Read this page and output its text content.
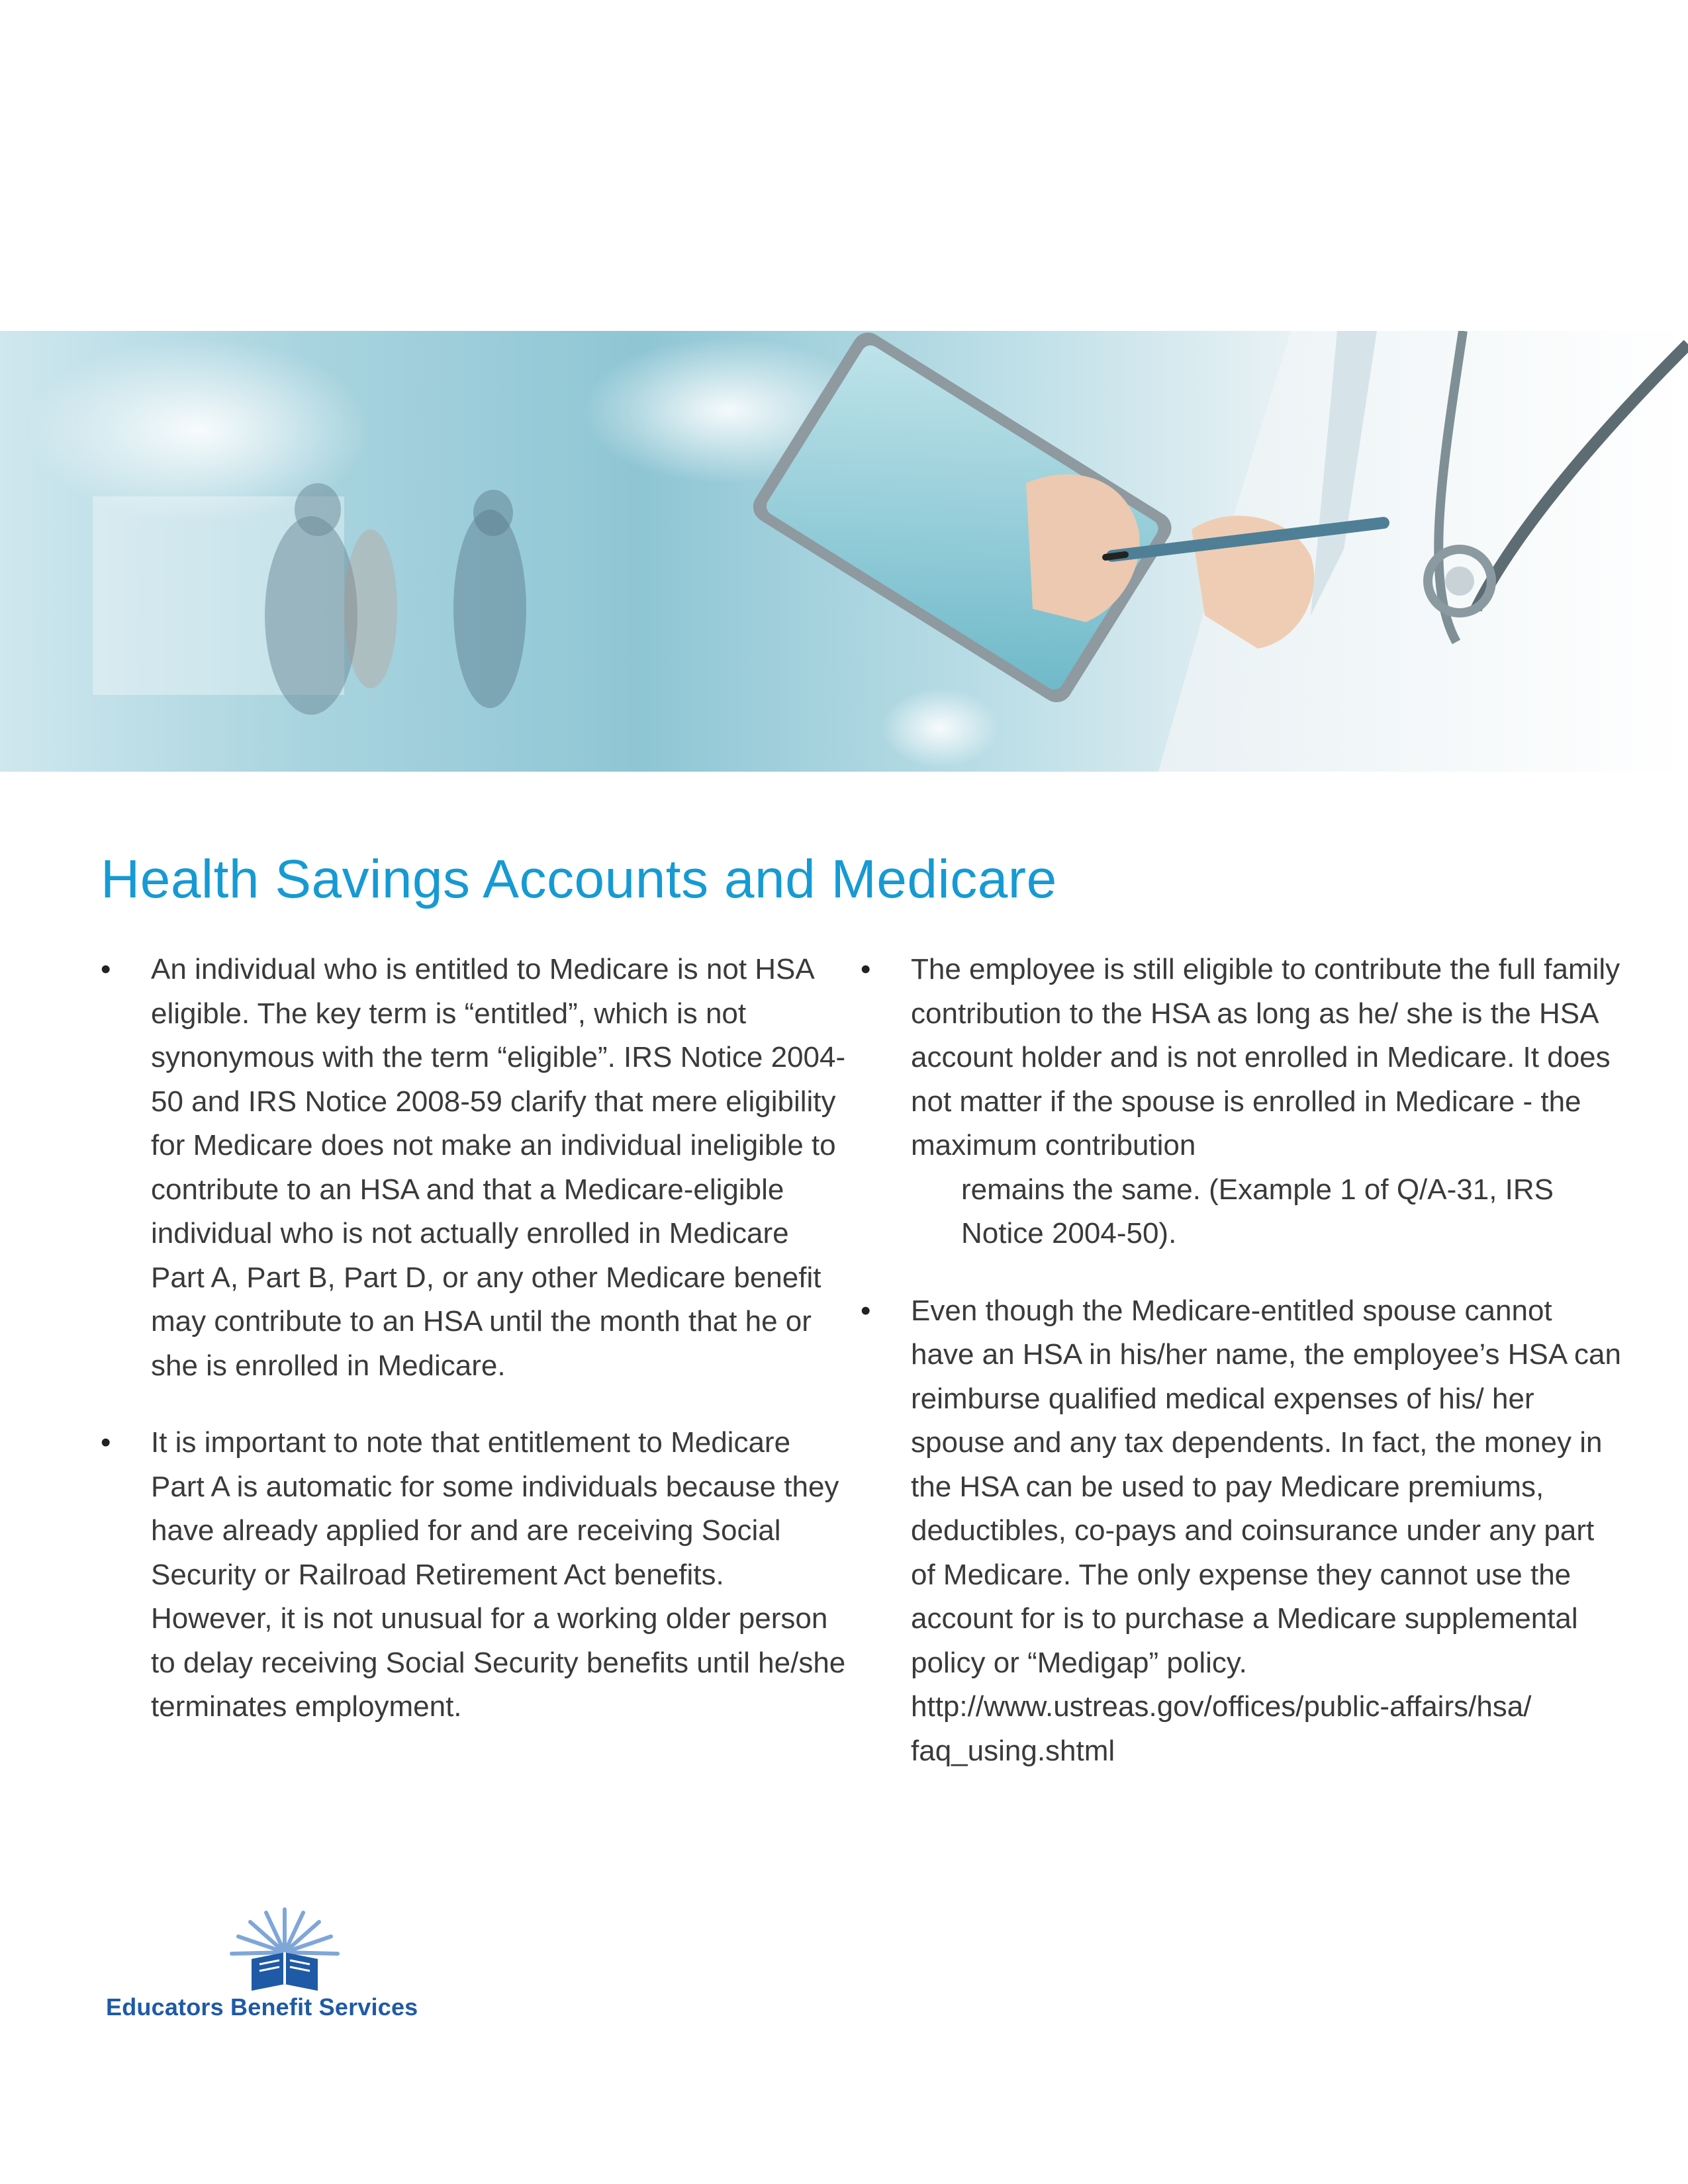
Health Savings Accounts and Medicare

• An individual who is entitled to Medicare is not HSA eligible. The key term is “entitled”, which is not synonymous with the term “eligible”. IRS Notice 2004-50 and IRS Notice 2008-59 clarify that mere eligibility for Medicare does not make an individual ineligible to contribute to an HSA and that a Medicare-eligible individual who is not actually enrolled in Medicare Part A, Part B, Part D, or any other Medicare benefit may contribute to an HSA until the month that he or she is enrolled in Medicare.

• It is important to note that entitlement to Medicare Part A is automatic for some individuals because they have already applied for and are receiving Social Security or Railroad Retirement Act benefits. However, it is not unusual for a working older person to delay receiving Social Security benefits until he/she terminates employment.

• The employee is still eligible to contribute the full family contribution to the HSA as long as he/ she is the HSA account holder and is not enrolled in Medicare. It does not matter if the spouse is enrolled in Medicare - the maximum contribution
remains the same. (Example 1 of Q/A-31, IRS Notice 2004-50).

• Even though the Medicare-entitled spouse cannot have an HSA in his/her name, the employee’s HSA can reimburse qualified medical expenses of his/ her spouse and any tax dependents. In fact, the money in the HSA can be used to pay Medicare premiums, deductibles, co-pays and coinsurance under any part of Medicare. The only expense they cannot use the account for is to purchase a Medicare supplemental policy or “Medigap” policy. http://www.ustreas.gov/offices/public-affairs/hsa/ faq_using.shtml

Educators Benefit Services
